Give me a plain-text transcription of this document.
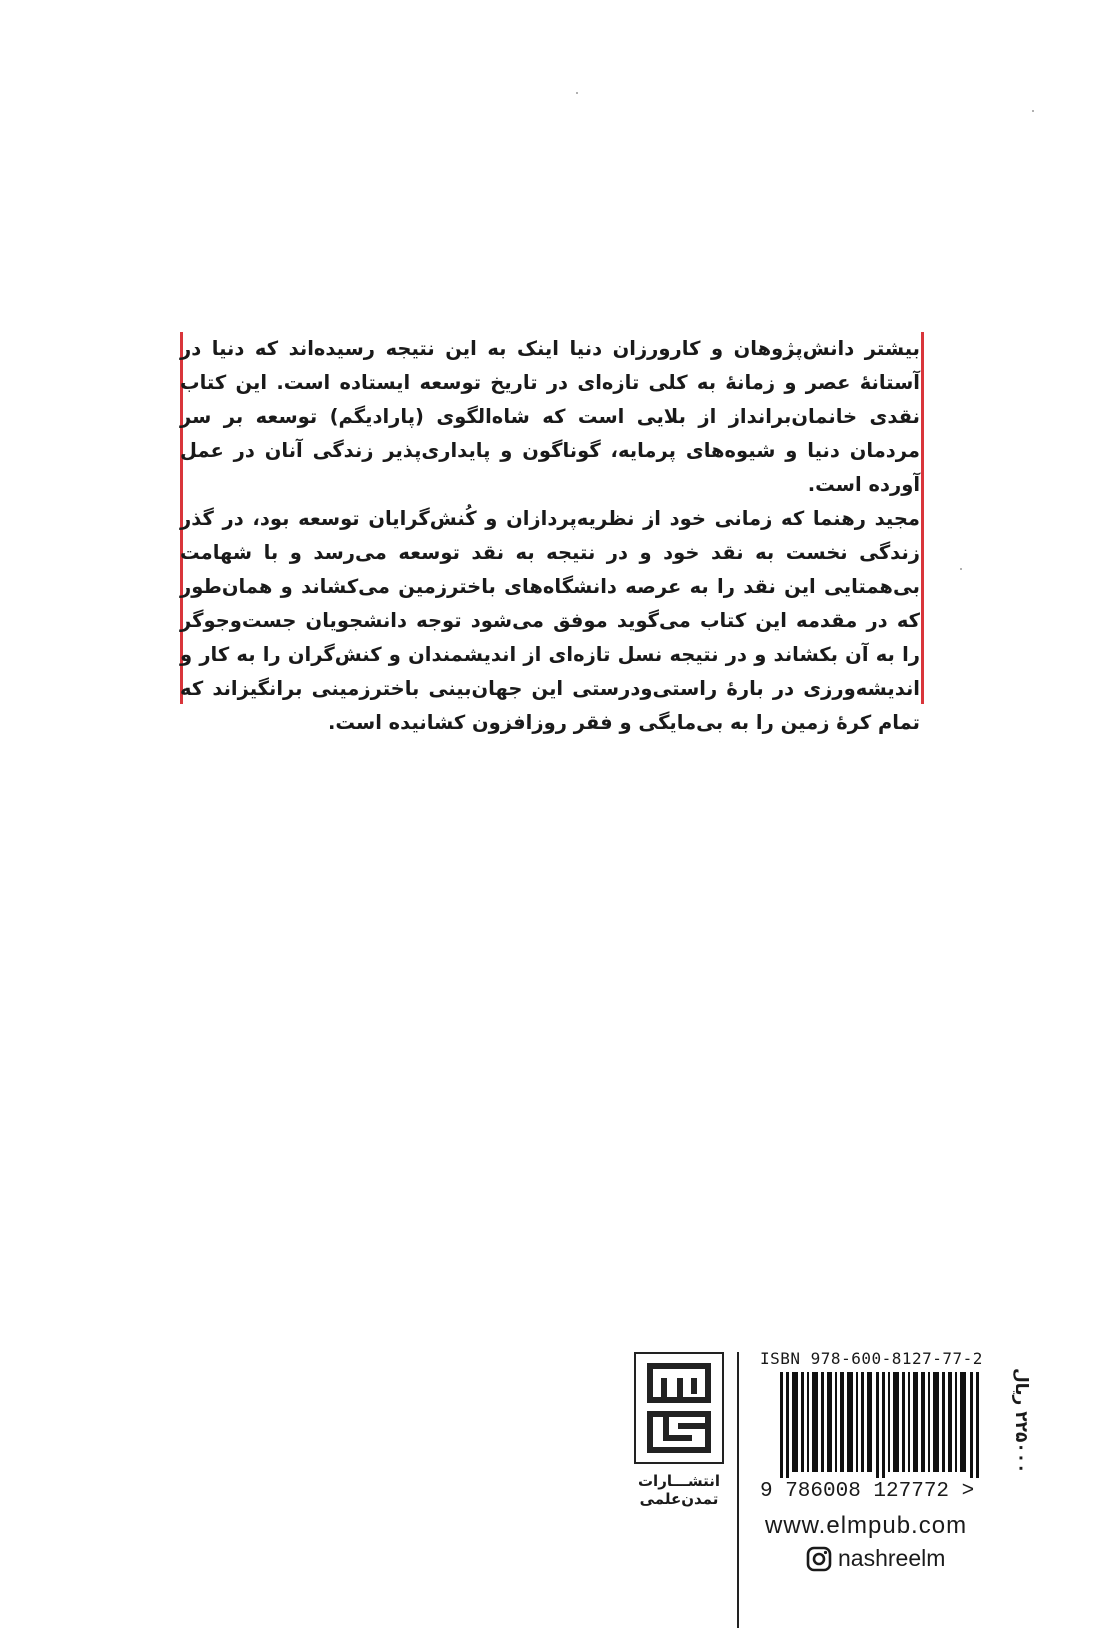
بیشتر دانش‌پژوهان و کارورزان دنیا اینک به این نتیجه رسیده‌اند که دنیا در آستانهٔ عصر و زمانهٔ به کلی تازه‌ای در تاریخ توسعه ایستاده است. این کتاب نقدی خانمان‌برانداز از بلایی است که شاه‌الگوی (پارادیگم) توسعه بر سر مردمان دنیا و شیوه‌های پرمایه، گوناگون و پایداری‌پذیر زندگی آنان در عمل آورده است.

مجید رهنما که زمانی خود از نظریه‌پردازان و کُنش‌گرایان توسعه بود، در گذر زندگی نخست به نقد خود و در نتیجه به نقد توسعه می‌رسد و با شهامت بی‌همتایی این نقد را به عرصه دانشگاه‌های باخترزمین می‌کشاند و همان‌طور که در مقدمه این کتاب می‌گوید موفق می‌شود توجه دانشجویان جست‌وجوگر را به آن بکشاند و در نتیجه نسل تازه‌ای از اندیشمندان و کنش‌گران را به کار و اندیشه‌ورزی در بارهٔ راستی‌ودرستی این جهان‌بینی باخترزمینی برانگیزاند که تمام کرهٔ زمین را به بی‌مایگی و فقر روزافزون کشانیده است.

انتشـــارات
تمدن‌علمی
ISBN 978-600-8127-77-2
9 786008 127772 >
۲۲۵۰۰۰ ریال
www.elmpub.com
nashreelm
